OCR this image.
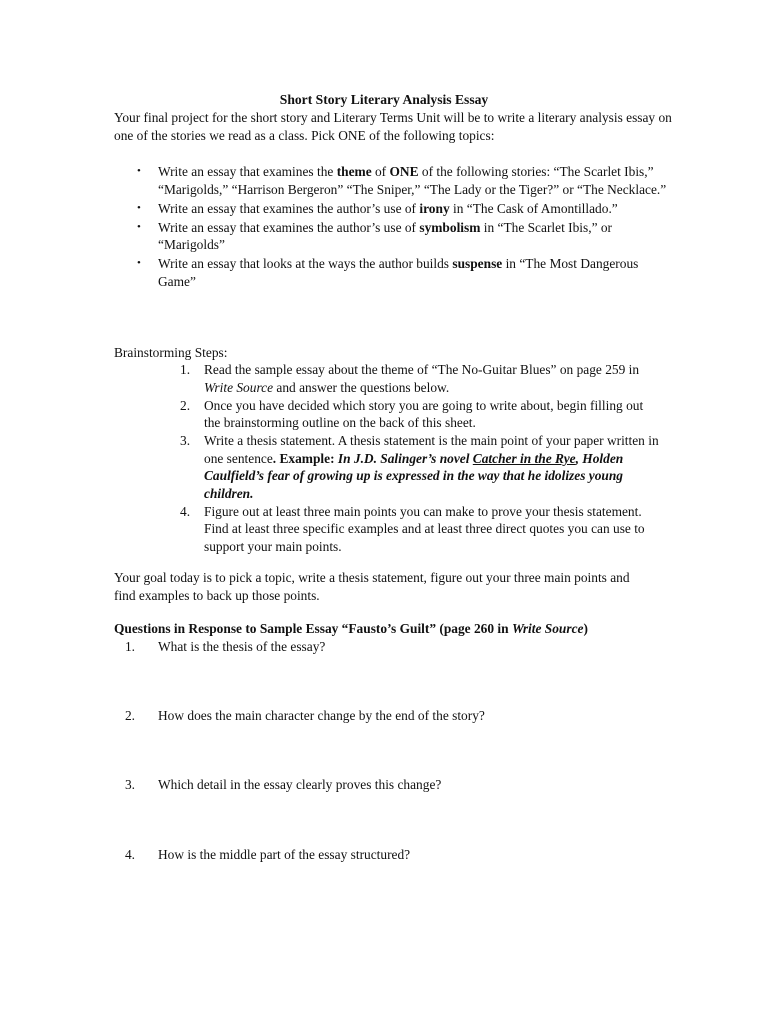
Short Story Literary Analysis Essay

Your final project for the short story and Literary Terms Unit will be to write a literary analysis essay on one of the stories we read as a class. Pick ONE of the following topics:

• Write an essay that examines the theme of ONE of the following stories: “The Scarlet Ibis,” “Marigolds,” “Harrison Bergeron” “The Sniper,” “The Lady or the Tiger?” or “The Necklace.”
• Write an essay that examines the author’s use of irony in “The Cask of Amontillado.”
• Write an essay that examines the author’s use of symbolism in “The Scarlet Ibis,” or “Marigolds”
• Write an essay that looks at the ways the author builds suspense in “The Most Dangerous Game”

Brainstorming Steps:

1. Read the sample essay about the theme of “The No-Guitar Blues” on page 259 in Write Source and answer the questions below.
2. Once you have decided which story you are going to write about, begin filling out the brainstorming outline on the back of this sheet.
3. Write a thesis statement. A thesis statement is the main point of your paper written in one sentence. Example: In J.D. Salinger’s novel Catcher in the Rye, Holden Caulfield’s fear of growing up is expressed in the way that he idolizes young children.
4. Figure out at least three main points you can make to prove your thesis statement. Find at least three specific examples and at least three direct quotes you can use to support your main points.

Your goal today is to pick a topic, write a thesis statement, figure out your three main points and find examples to back up those points.

Questions in Response to Sample Essay “Fausto’s Guilt” (page 260 in Write Source)

1. What is the thesis of the essay?

2. How does the main character change by the end of the story?

3. Which detail in the essay clearly proves this change?

4. How is the middle part of the essay structured?
